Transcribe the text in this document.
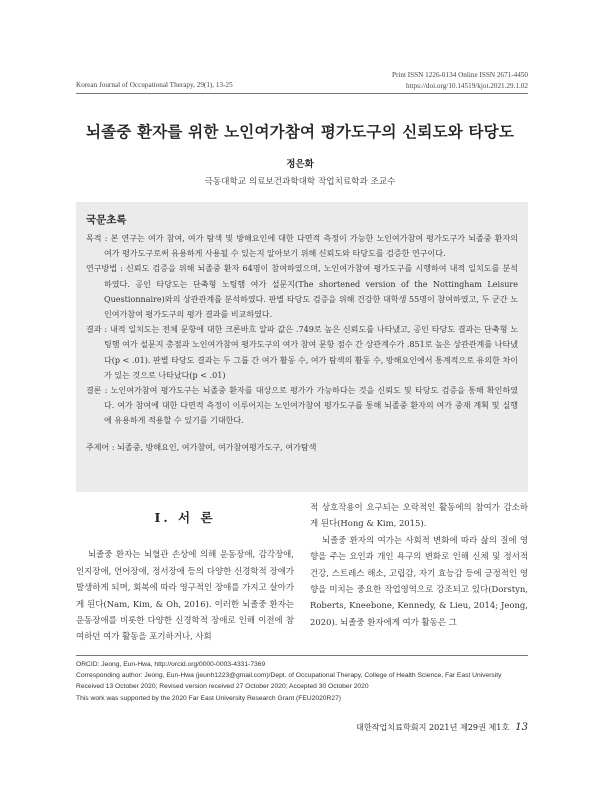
Korean Journal of Occupational Therapy, 29(1), 13-25
Print ISSN 1226-0134 Online ISSN 2671-4450
https://doi.org/10.14519/kjot.2021.29.1.02
뇌졸중 환자를 위한 노인여가참여 평가도구의 신뢰도와 타당도
정은화
극동대학교 의료보건과학대학 작업치료학과 조교수
국문초록

목적 : 본 연구는 여가 참여, 여가 탐색 및 방해요인에 대한 다면적 측정이 가능한 노인여가참여 평가도구가 뇌졸중 환자의 여가 평가도구로써 유용하게 사용될 수 있는지 알아보기 위해 신뢰도와 타당도를 검증한 연구이다.

연구방법 : 신뢰도 검증을 위해 뇌졸중 환자 64명이 참여하였으며, 노인여가참여 평가도구를 시행하여 내적 일치도를 분석하였다. 공인 타당도는 단축형 노팅햄 여가 설문지(The shortened version of the Nottingham Leisure Questionnaire)와의 상관관계를 분석하였다. 판별 타당도 검증을 위해 건강한 대학생 55명이 참여하였고, 두 군간 노인여가참여 평가도구의 평가 결과를 비교하였다.

결과 : 내적 일치도는 전체 문항에 대한 크론바흐 알파 값은 .749로 높은 신뢰도를 나타냈고, 공인 타당도 결과는 단축형 노팅햄 여가 설문지 총점과 노인여가참여 평가도구의 여가 참여 문항 점수 간 상관계수가 .851로 높은 상관관계를 나타냈다(p < .01). 판별 타당도 결과는 두 그룹 간 여가 활동 수, 여가 탐색의 활동 수, 방해요인에서 통계적으로 유의한 차이가 있는 것으로 나타났다(p < .01)

결론 : 노인여가참여 평가도구는 뇌졸중 환자를 대상으로 평가가 가능하다는 것을 신뢰도 및 타당도 검증을 통해 확인하였다. 여가 참여에 대한 다면적 측정이 이루어지는 노인여가참여 평가도구를 통해 뇌졸중 환자의 여가 중재 계획 및 실행에 유용하게 적용할 수 있기를 기대한다.

주제어 : 뇌졸중, 방해요인, 여가참여, 여가참여평가도구, 여가탐색
Ⅰ. 서 론

뇌졸중 환자는 뇌혈관 손상에 의해 운동장애, 감각장애, 인지장애, 언어장애, 정서장애 등의 다양한 신경학적 장애가 발생하게 되며, 회복에 따라 영구적인 장애를 가지고 살아가게 된다(Nam, Kim, & Oh, 2016). 이러한 뇌졸중 환자는 운동장애를 비롯한 다양한 신경학적 장애로 인해 이전에 참여하던 여가 활동을 포기하거나, 사회

적 상호작용이 요구되는 오락적인 활동에의 참여가 감소하게 된다(Hong & Kim, 2015).

뇌졸중 환자의 여가는 사회적 변화에 따라 삶의 질에 영향을 주는 요인과 개인 욕구의 변화로 인해 신체 및 정서적 건강, 스트레스 해소, 고립감, 자기 효능감 등에 긍정적인 영향을 미치는 중요한 작업영역으로 강조되고 있다(Dorstyn, Roberts, Kneebone, Kennedy, & Lieu, 2014; Jeong, 2020). 뇌졸중 환자에게 여가 활동은 그

ORCID: Jeong, Eun-Hwa, http://orcid.org/0000-0003-4331-7369
Corresponding author: Jeong, Eun-Hwa (jeunh1223@gmail.com)/Dept. of Occupational Therapy, College of Health Science, Far East University
Received 13 October 2020; Revised version received 27 October 2020; Accepted 30 October 2020
This work was supported by the 2020 Far East University Research Grant (FEU2020R27)
대한작업치료학회지 2021년 제29권 제1호 13
